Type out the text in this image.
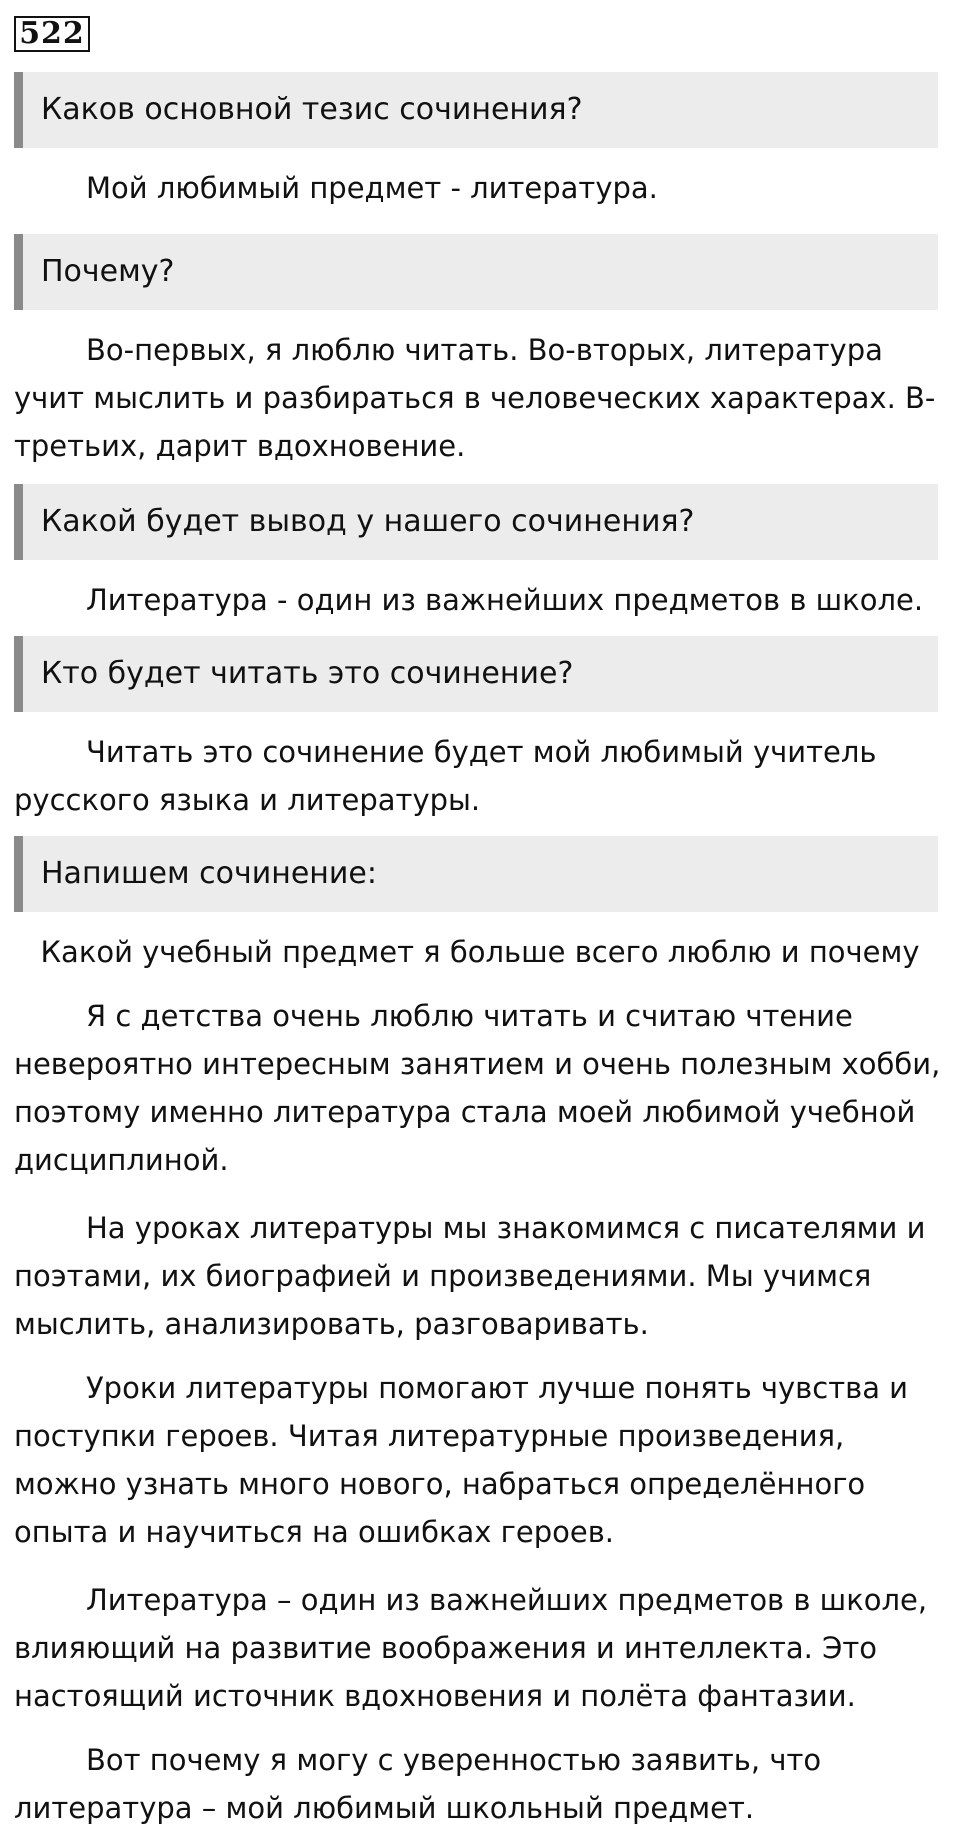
522
Каков основной тезис сочинения?

Мой любимый предмет - литература.

Почему?

Во-первых, я люблю читать. Во-вторых, литература учит мыслить и разбираться в человеческих характерах. В-третьих, дарит вдохновение.

Какой будет вывод у нашего сочинения?

Литература - один из важнейших предметов в школе.

Кто будет читать это сочинение?

Читать это сочинение будет мой любимый учитель русского языка и литературы.

Напишем сочинение:
Какой учебный предмет я больше всего люблю и почему

Я с детства очень люблю читать и считаю чтение невероятно интересным занятием и очень полезным хобби, поэтому именно литература стала моей любимой учебной дисциплиной.

На уроках литературы мы знакомимся с писателями и поэтами, их биографией и произведениями. Мы учимся мыслить, анализировать, разговаривать.

Уроки литературы помогают лучше понять чувства и поступки героев. Читая литературные произведения, можно узнать много нового, набраться определённого опыта и научиться на ошибках героев.

Литература – один из важнейших предметов в школе, влияющий на развитие воображения и интеллекта. Это настоящий источник вдохновения и полёта фантазии.

Вот почему я могу с уверенностью заявить, что литература – мой любимый школьный предмет.
